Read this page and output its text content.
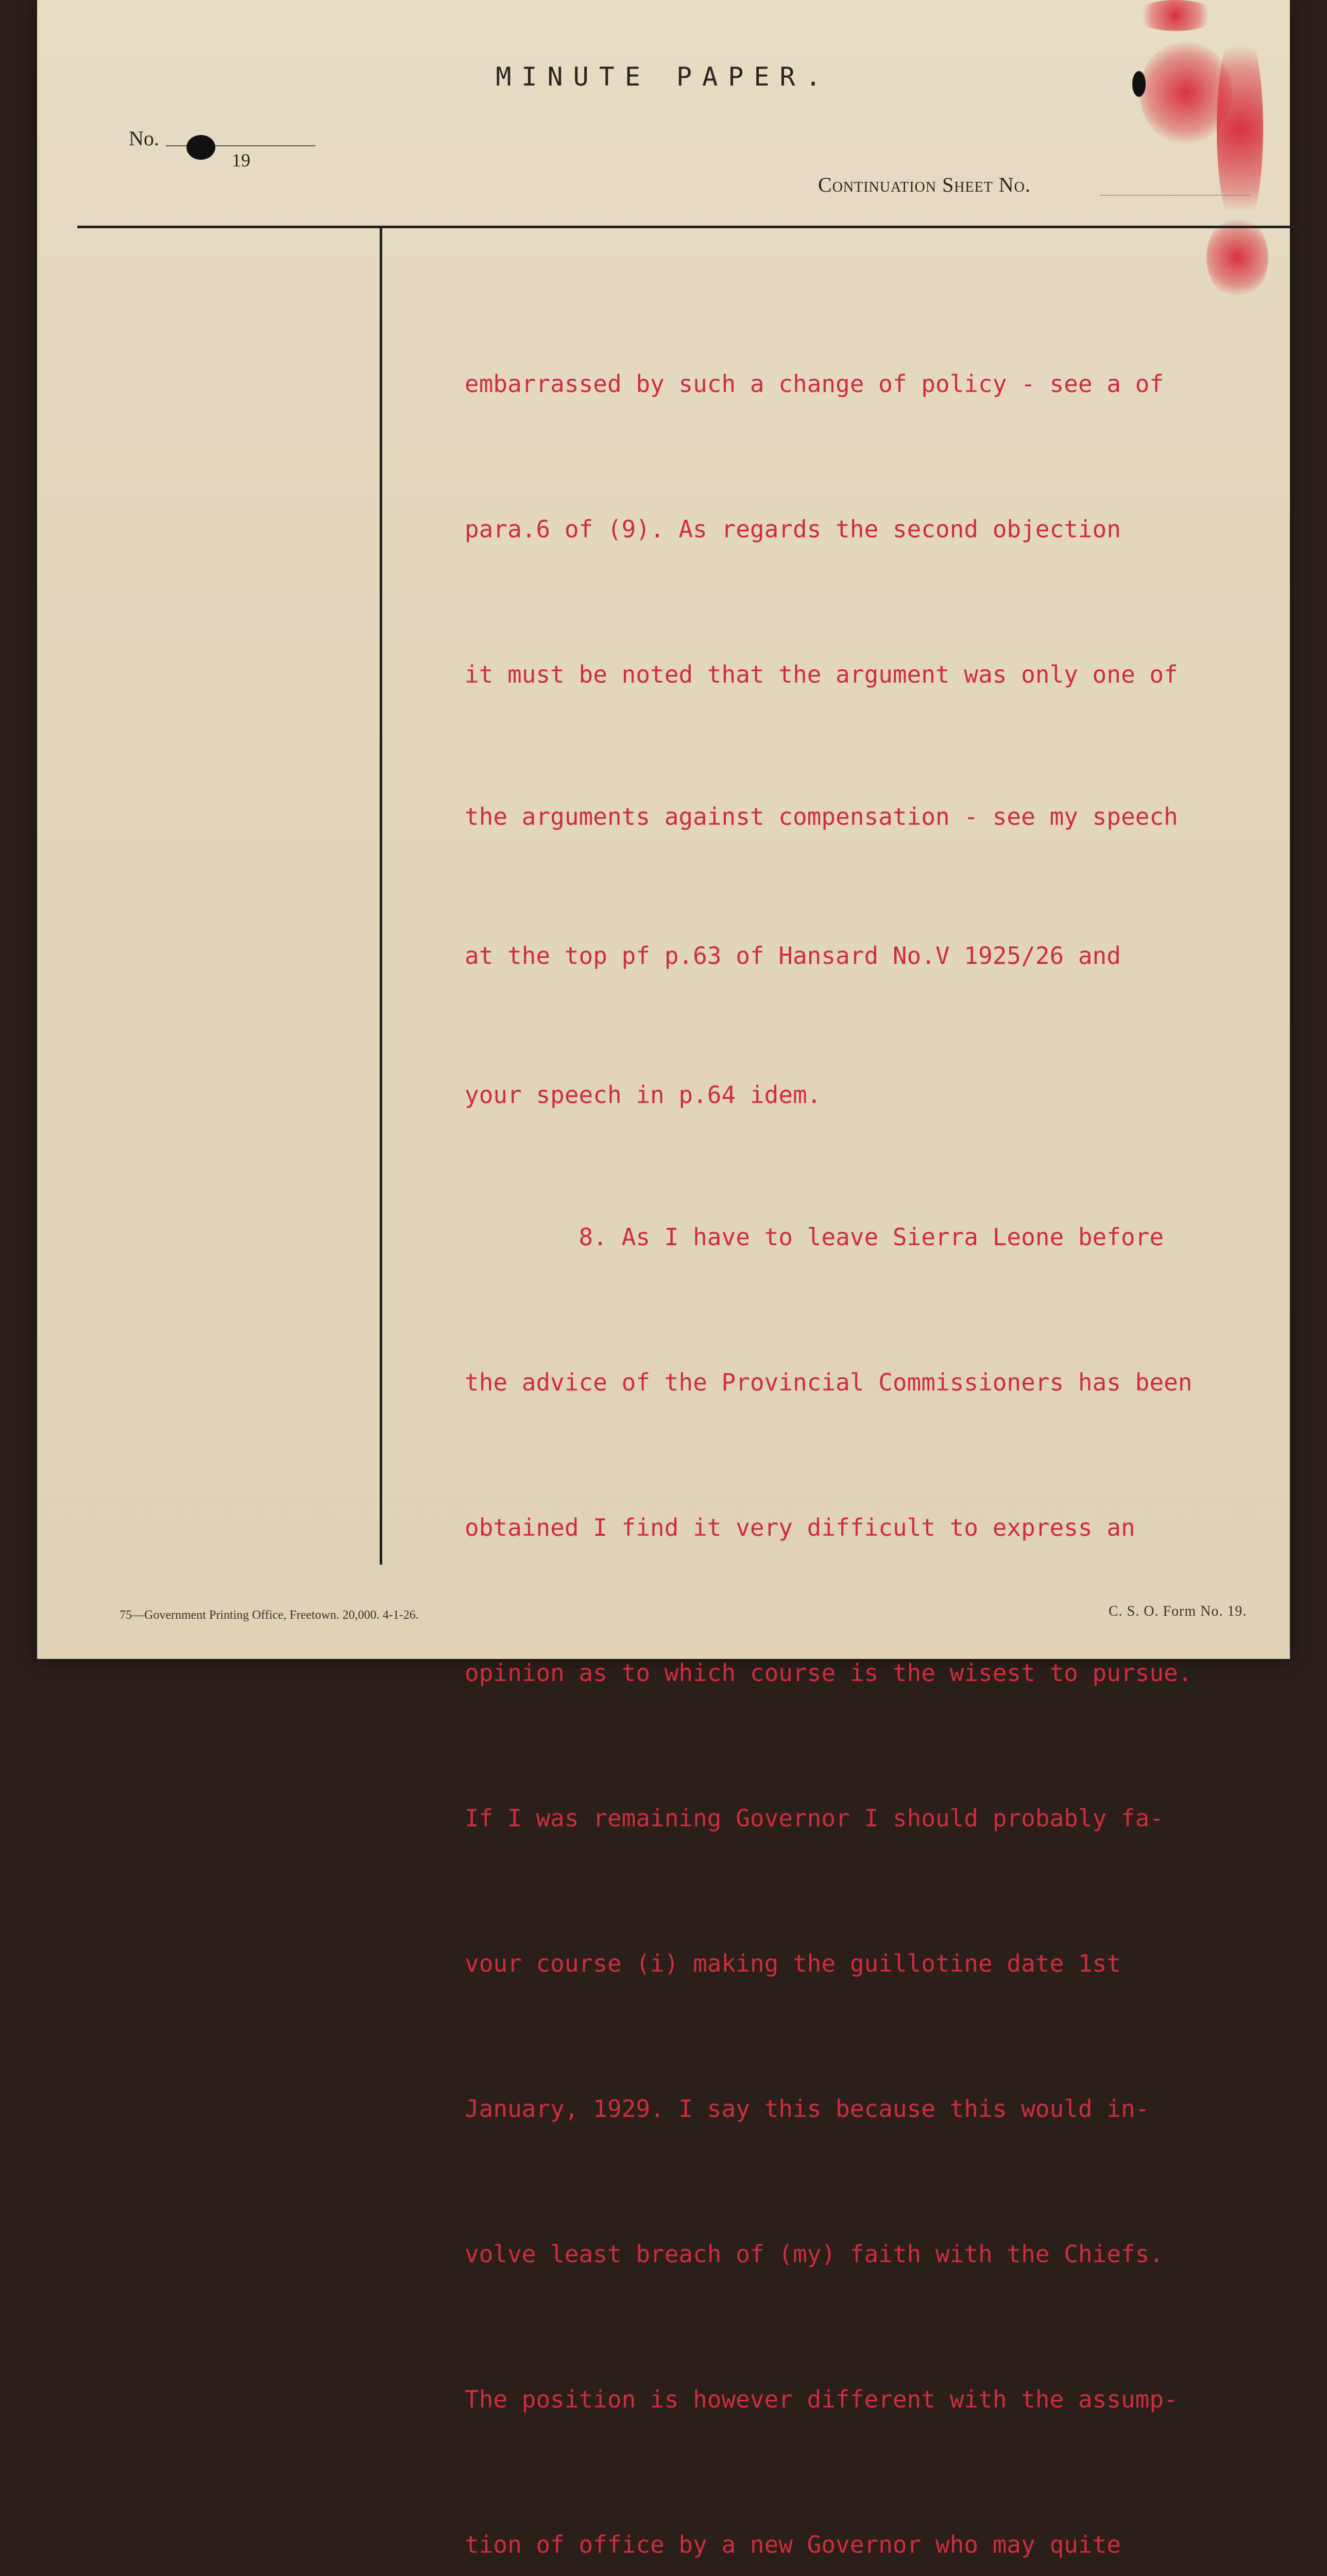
MINUTE PAPER.
No.
19
Continuation Sheet No.

embarrassed by such a change of policy - see a of

para.6 of (9). As regards the second objection

it must be noted that the argument was only one of

the arguments against compensation - see my speech

at the top pf p.63 of Hansard No.V 1925/26 and

your speech in p.64 idem.

8. As I have to leave Sierra Leone before

the advice of the Provincial Commissioners has been

obtained I find it very difficult to express an

opinion as to which course is the wisest to pursue.

If I was remaining Governor I should probably fa-

vour course (i) making the guillotine date 1st

January, 1929. I say this because this would in-

volve least breach of (my) faith with the Chiefs.

The position is however different with the assump-

tion of office by a new Governor who may quite

75—Government Printing Office, Freetown. 20,000. 4-1-26.	C. S. O. Form No. 19.
